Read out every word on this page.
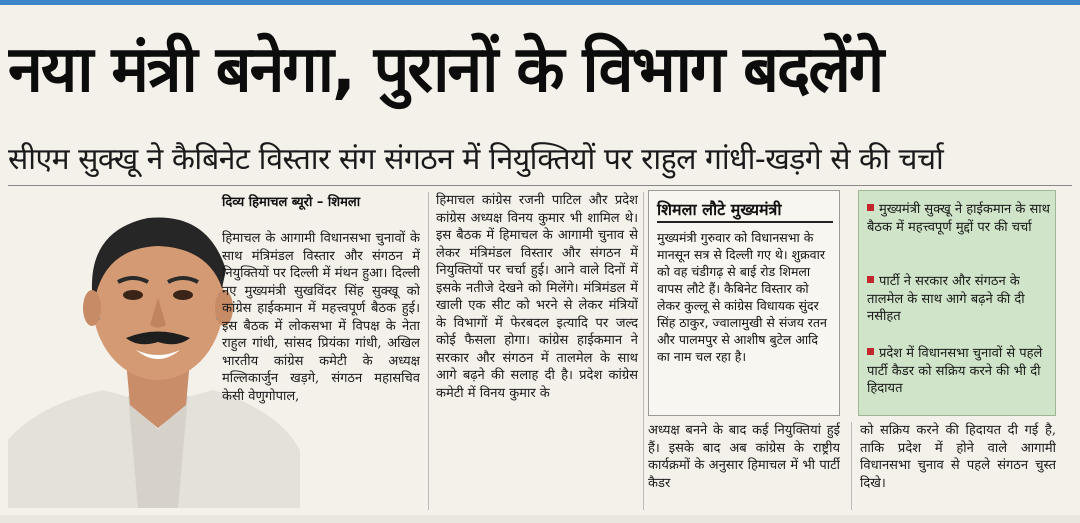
नया मंत्री बनेगा, पुरानों के विभाग बदलेंगे
सीएम सुक्खू ने कैबिनेट विस्तार संग संगठन में नियुक्तियों पर राहुल गांधी-खड़गे से की चर्चा
दिव्य हिमाचल ब्यूरो – शिमला
हिमाचल के आगामी विधानसभा चुनावों के साथ मंत्रिमंडल विस्तार और संगठन में नियुक्तियों पर दिल्ली में मंथन हुआ। दिल्ली नए मुख्यमंत्री सुखविंदर सिंह सुक्खू को कांग्रेस हाईकमान में महत्त्वपूर्ण बैठक हुई। इस बैठक में लोकसभा में विपक्ष के नेता राहुल गांधी, सांसद प्रियंका गांधी, अखिल भारतीय कांग्रेस कमेटी के अध्यक्ष मल्लिकार्जुन खड़गे, संगठन महासचिव केसी वेणुगोपाल,
हिमाचल कांग्रेस रजनी पाटिल और प्रदेश कांग्रेस अध्यक्ष विनय कुमार भी शामिल थे। इस बैठक में हिमाचल के आगामी चुनाव से लेकर मंत्रिमंडल विस्तार और संगठन में नियुक्तियों पर चर्चा हुई। आने वाले दिनों में इसके नतीजे देखने को मिलेंगे। मंत्रिमंडल में खाली एक सीट को भरने से लेकर मंत्रियों के विभागों में फेरबदल इत्यादि पर जल्द कोई फैसला होगा। कांग्रेस हाईकमान ने सरकार और संगठन में तालमेल के साथ आगे बढ़ने की सलाह दी है। प्रदेश कांग्रेस कमेटी में विनय कुमार के
शिमला लौटे मुख्यमंत्री
मुख्यमंत्री गुरुवार को विधानसभा के मानसून सत्र से दिल्ली गए थे। शुक्रवार को वह चंडीगढ़ से बाई रोड शिमला वापस लौटे हैं। कैबिनेट विस्तार को लेकर कुल्लू से कांग्रेस विधायक सुंदर सिंह ठाकुर, ज्वालामुखी से संजय रतन और पालमपुर से आशीष बुटेल आदि का नाम चल रहा है।
मुख्यमंत्री सुक्खू ने हाईकमान के साथ बैठक में महत्त्वपूर्ण मुद्दों पर की चर्चा
पार्टी ने सरकार और संगठन के तालमेल के साथ आगे बढ़ने की दी नसीहत
प्रदेश में विधानसभा चुनावों से पहले पार्टी कैडर को सक्रिय करने की भी दी हिदायत
अध्यक्ष बनने के बाद कई नियुक्तियां हुई हैं। इसके बाद अब कांग्रेस के राष्ट्रीय कार्यक्रमों के अनुसार हिमाचल में भी पार्टी कैडर
को सक्रिय करने की हिदायत दी गई है, ताकि प्रदेश में होने वाले आगामी विधानसभा चुनाव से पहले संगठन चुस्त दिखे।
